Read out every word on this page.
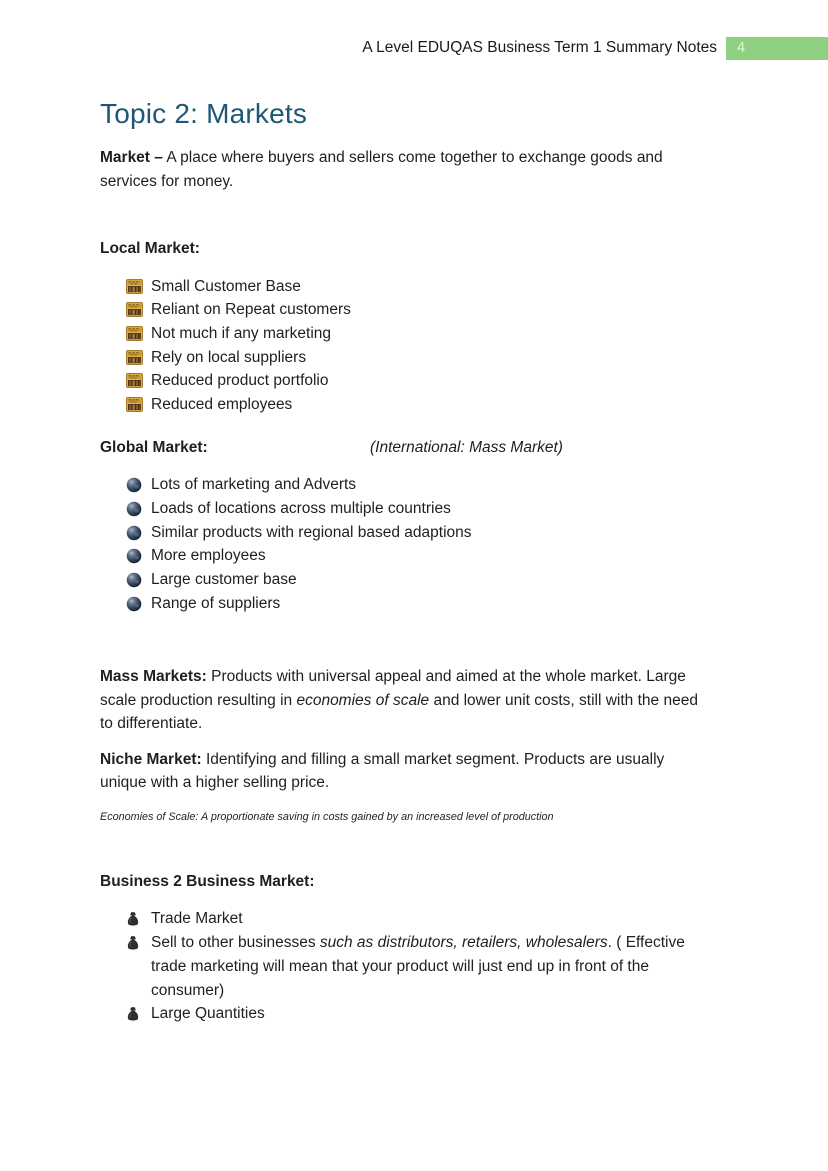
A Level EDUQAS Business Term 1 Summary Notes 4
Topic 2: Markets

Market – A place where buyers and sellers come together to exchange goods and services for money.

Local Market:
Small Customer Base
Reliant on Repeat customers
Not much if any marketing
Rely on local suppliers
Reduced product portfolio
Reduced employees
Global Market:	(International: Mass Market)
Lots of marketing and Adverts
Loads of locations across multiple countries
Similar products with regional based adaptions
More employees
Large customer base
Range of suppliers

Mass Markets: Products with universal appeal and aimed at the whole market. Large scale production resulting in economies of scale and lower unit costs, still with the need to differentiate.

Niche Market: Identifying and filling a small market segment. Products are usually unique with a higher selling price.

Economies of Scale: A proportionate saving in costs gained by an increased level of production

Business 2 Business Market:
Trade Market
Sell to other businesses such as distributors, retailers, wholesalers. ( Effective trade marketing will mean that your product will just end up in front of the consumer)
Large Quantities
